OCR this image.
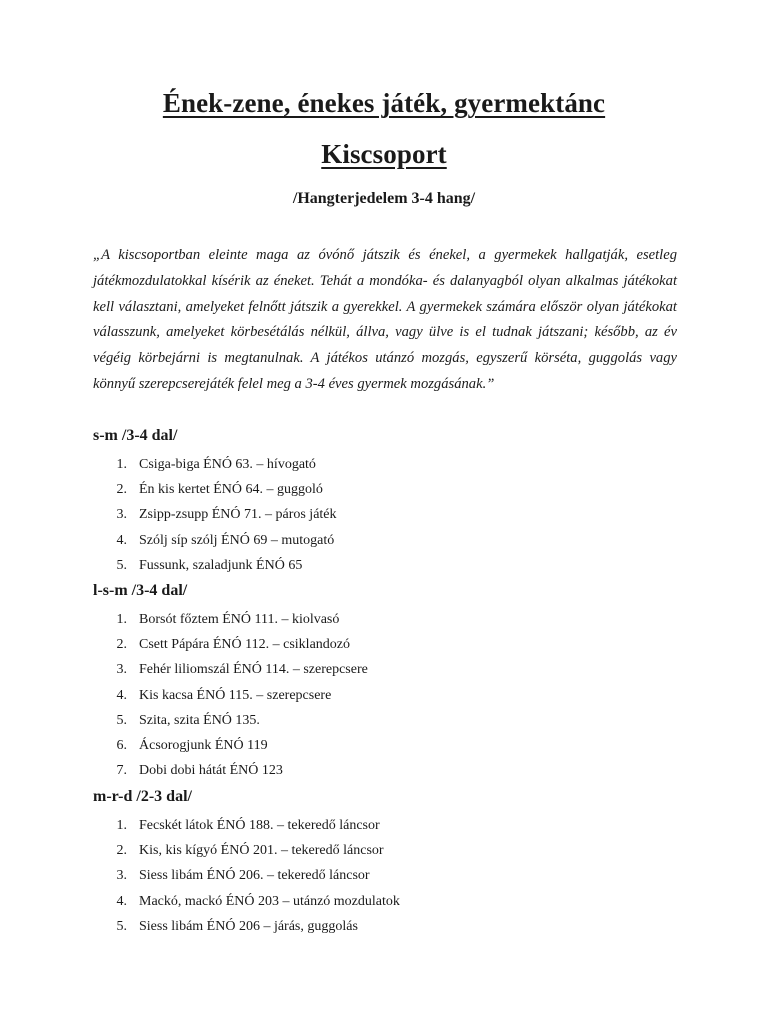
Ének-zene, énekes játék, gyermektánc
Kiscsoport

/Hangterjedelem 3-4 hang/

„A kiscsoportban eleinte maga az óvónő játszik és énekel, a gyermekek hallgatják, esetleg játékmozdulatokkal kísérik az éneket. Tehát a mondóka- és dalanyagból olyan alkalmas játékokat kell választani, amelyeket felnőtt játszik a gyerekkel. A gyermekek számára először olyan játékokat válasszunk, amelyeket körbesétálás nélkül, állva, vagy ülve is el tudnak játszani; később, az év végéig körbejárni is megtanulnak. A játékos utánzó mozgás, egyszerű körséta, guggolás vagy könnyű szerepcserejáték felel meg a 3-4 éves gyermek mozgásának.”

s-m /3-4 dal/

1. Csiga-biga ÉNÓ 63. – hívogató
2. Én kis kertet ÉNÓ 64. – guggoló
3. Zsipp-zsupp ÉNÓ 71. – páros játék
4. Szólj síp szólj ÉNÓ 69 – mutogató
5. Fussunk, szaladjunk ÉNÓ 65

l-s-m /3-4 dal/

1. Borsót főztem ÉNÓ 111. – kiolvasó
2. Csett Pápára ÉNÓ 112. – csiklandozó
3. Fehér liliomszál ÉNÓ 114. – szerepcsere
4. Kis kacsa ÉNÓ 115. – szerepcsere
5. Szita, szita ÉNÓ 135.
6. Ácsorogjunk ÉNÓ 119
7. Dobi dobi hátát ÉNÓ 123

m-r-d /2-3 dal/

1. Fecskét látok ÉNÓ 188. – tekeredő láncsor
2. Kis, kis kígyó ÉNÓ 201. – tekeredő láncsor
3. Siess libám ÉNÓ 206. – tekeredő láncsor
4. Mackó, mackó ÉNÓ 203 – utánzó mozdulatok
5. Siess libám ÉNÓ 206 – járás, guggolás
